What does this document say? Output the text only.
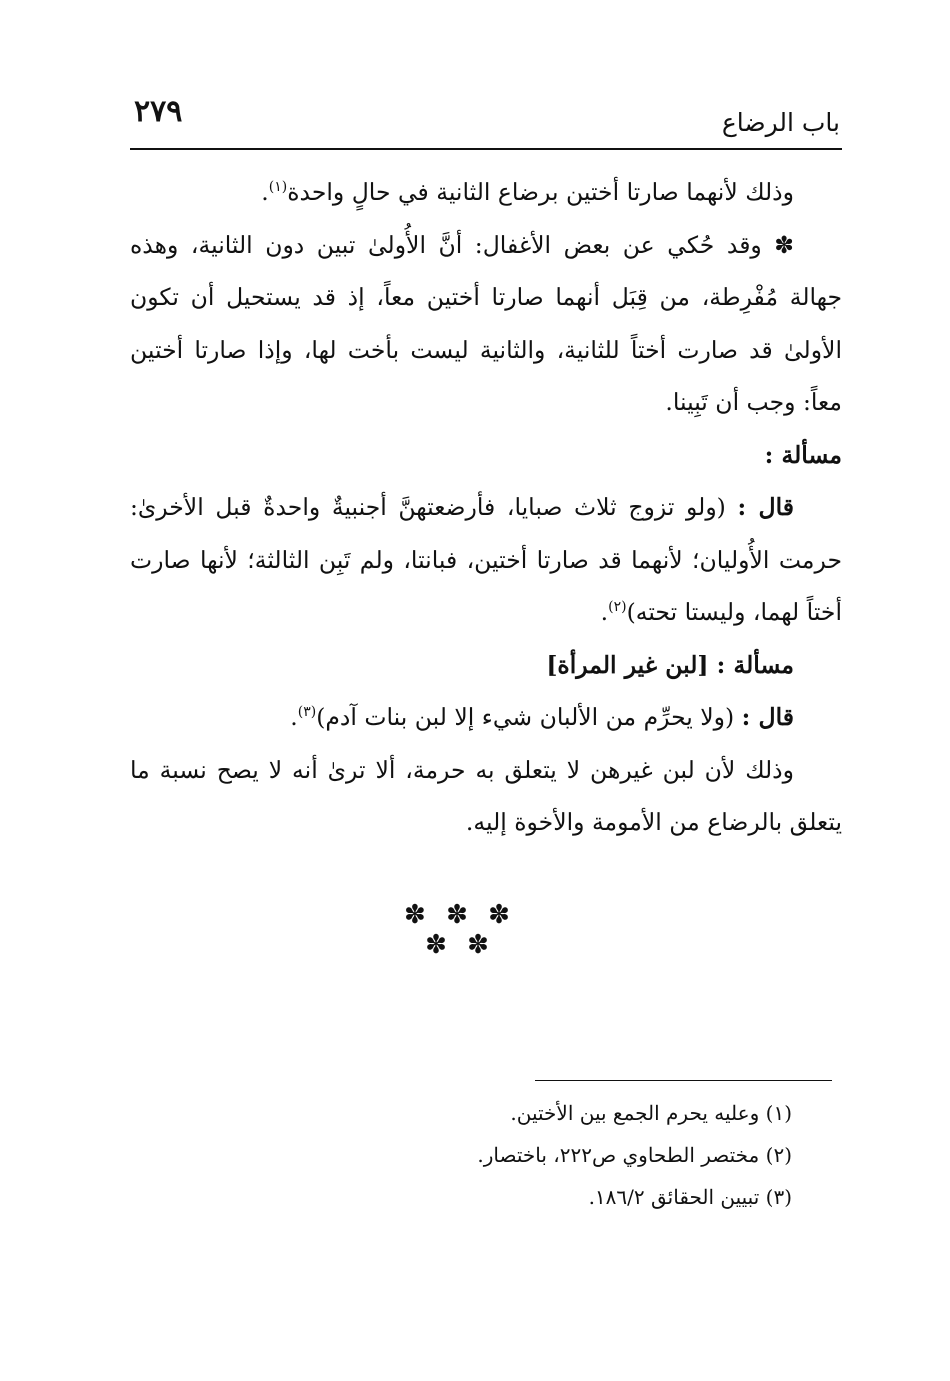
٢٧٩	باب الرضاع

وذلك لأنهما صارتا أختين برضاع الثانية في حالٍ واحدة$^{(١)}$.

✽ وقد حُكي عن بعض الأغفال: أنَّ الأُولىٰ تبين دون الثانية، وهذه جهالة مُفْرِطة، من قِبَل أنهما صارتا أختين معاً، إذ قد يستحيل أن تكون الأولىٰ قد صارت أختاً للثانية، والثانية ليست بأخت لها، وإذا صارتا أختين معاً: وجب أن تَبِينا.

مسألة :

قال : (ولو تزوج ثلاث صبايا، فأرضعتهنَّ أجنبيةٌ واحدةٌ قبل الأخرىٰ: حرمت الأُوليان؛ لأنهما قد صارتا أختين، فبانتا، ولم تَبِن الثالثة؛ لأنها صارت أختاً لهما، وليستا تحته)$^{(٢)}$.

مسألة : [لبن غير المرأة]

قال : (ولا يحرِّم من الألبان شيء إلا لبن بنات آدم)$^{(٣)}$.

وذلك لأن لبن غيرهن لا يتعلق به حرمة، ألا ترىٰ أنه لا يصح نسبة ما يتعلق بالرضاع من الأمومة والأخوة إليه.

✽ ✽ ✽ ✽ ✽

(١) وعليه يحرم الجمع بين الأختين.

(٢) مختصر الطحاوي ص٢٢٢، باختصار.

(٣) تبيين الحقائق ١٨٦/٢.
